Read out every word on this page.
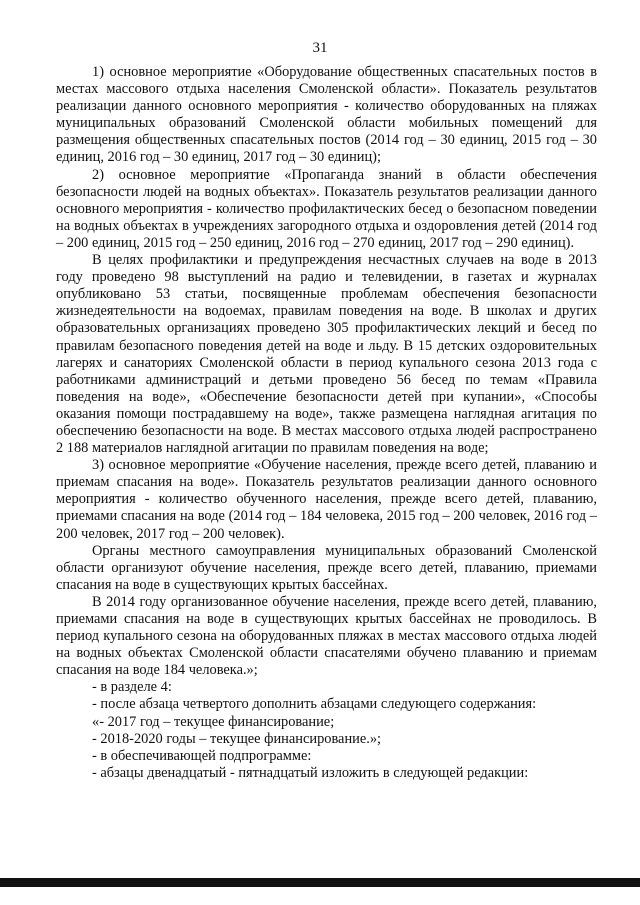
31

1) основное мероприятие «Оборудование общественных спасательных постов в местах массового отдыха населения Смоленской области». Показатель результатов реализации данного основного мероприятия - количество оборудованных на пляжах муниципальных образований Смоленской области мобильных помещений для размещения общественных спасательных постов (2014 год – 30 единиц, 2015 год – 30 единиц, 2016 год – 30 единиц, 2017 год – 30 единиц);

2) основное мероприятие «Пропаганда знаний в области обеспечения безопасности людей на водных объектах». Показатель результатов реализации данного основного мероприятия - количество профилактических бесед о безопасном поведении на водных объектах в учреждениях загородного отдыха и оздоровления детей (2014 год – 200 единиц, 2015 год – 250 единиц, 2016 год – 270 единиц, 2017 год – 290 единиц).

В целях профилактики и предупреждения несчастных случаев на воде в 2013 году проведено 98 выступлений на радио и телевидении, в газетах и журналах опубликовано 53 статьи, посвященные проблемам обеспечения безопасности жизнедеятельности на водоемах, правилам поведения на воде. В школах и других образовательных организациях проведено 305 профилактических лекций и бесед по правилам безопасного поведения детей на воде и льду. В 15 детских оздоровительных лагерях и санаториях Смоленской области в период купального сезона 2013 года с работниками администраций и детьми проведено 56 бесед по темам «Правила поведения на воде», «Обеспечение безопасности детей при купании», «Способы оказания помощи пострадавшему на воде», также размещена наглядная агитация по обеспечению безопасности на воде. В местах массового отдыха людей распространено 2 188 материалов наглядной агитации по правилам поведения на воде;

3) основное мероприятие «Обучение населения, прежде всего детей, плаванию и приемам спасания на воде». Показатель результатов реализации данного основного мероприятия - количество обученного населения, прежде всего детей, плаванию, приемами спасания на воде (2014 год – 184 человека, 2015 год – 200 человек, 2016 год – 200 человек, 2017 год – 200 человек).

Органы местного самоуправления муниципальных образований Смоленской области организуют обучение населения, прежде всего детей, плаванию, приемами спасания на воде в существующих крытых бассейнах.

В 2014 году организованное обучение населения, прежде всего детей, плаванию, приемами спасания на воде в существующих крытых бассейнах не проводилось. В период купального сезона на оборудованных пляжах в местах массового отдыха людей на водных объектах Смоленской области спасателями обучено плаванию и приемам спасания на воде 184 человека.»;

- в разделе 4:

- после абзаца четвертого дополнить абзацами следующего содержания:

«- 2017 год – текущее финансирование;

- 2018-2020 годы – текущее финансирование.»;

- в обеспечивающей подпрограмме:

- абзацы двенадцатый - пятнадцатый изложить в следующей редакции:
